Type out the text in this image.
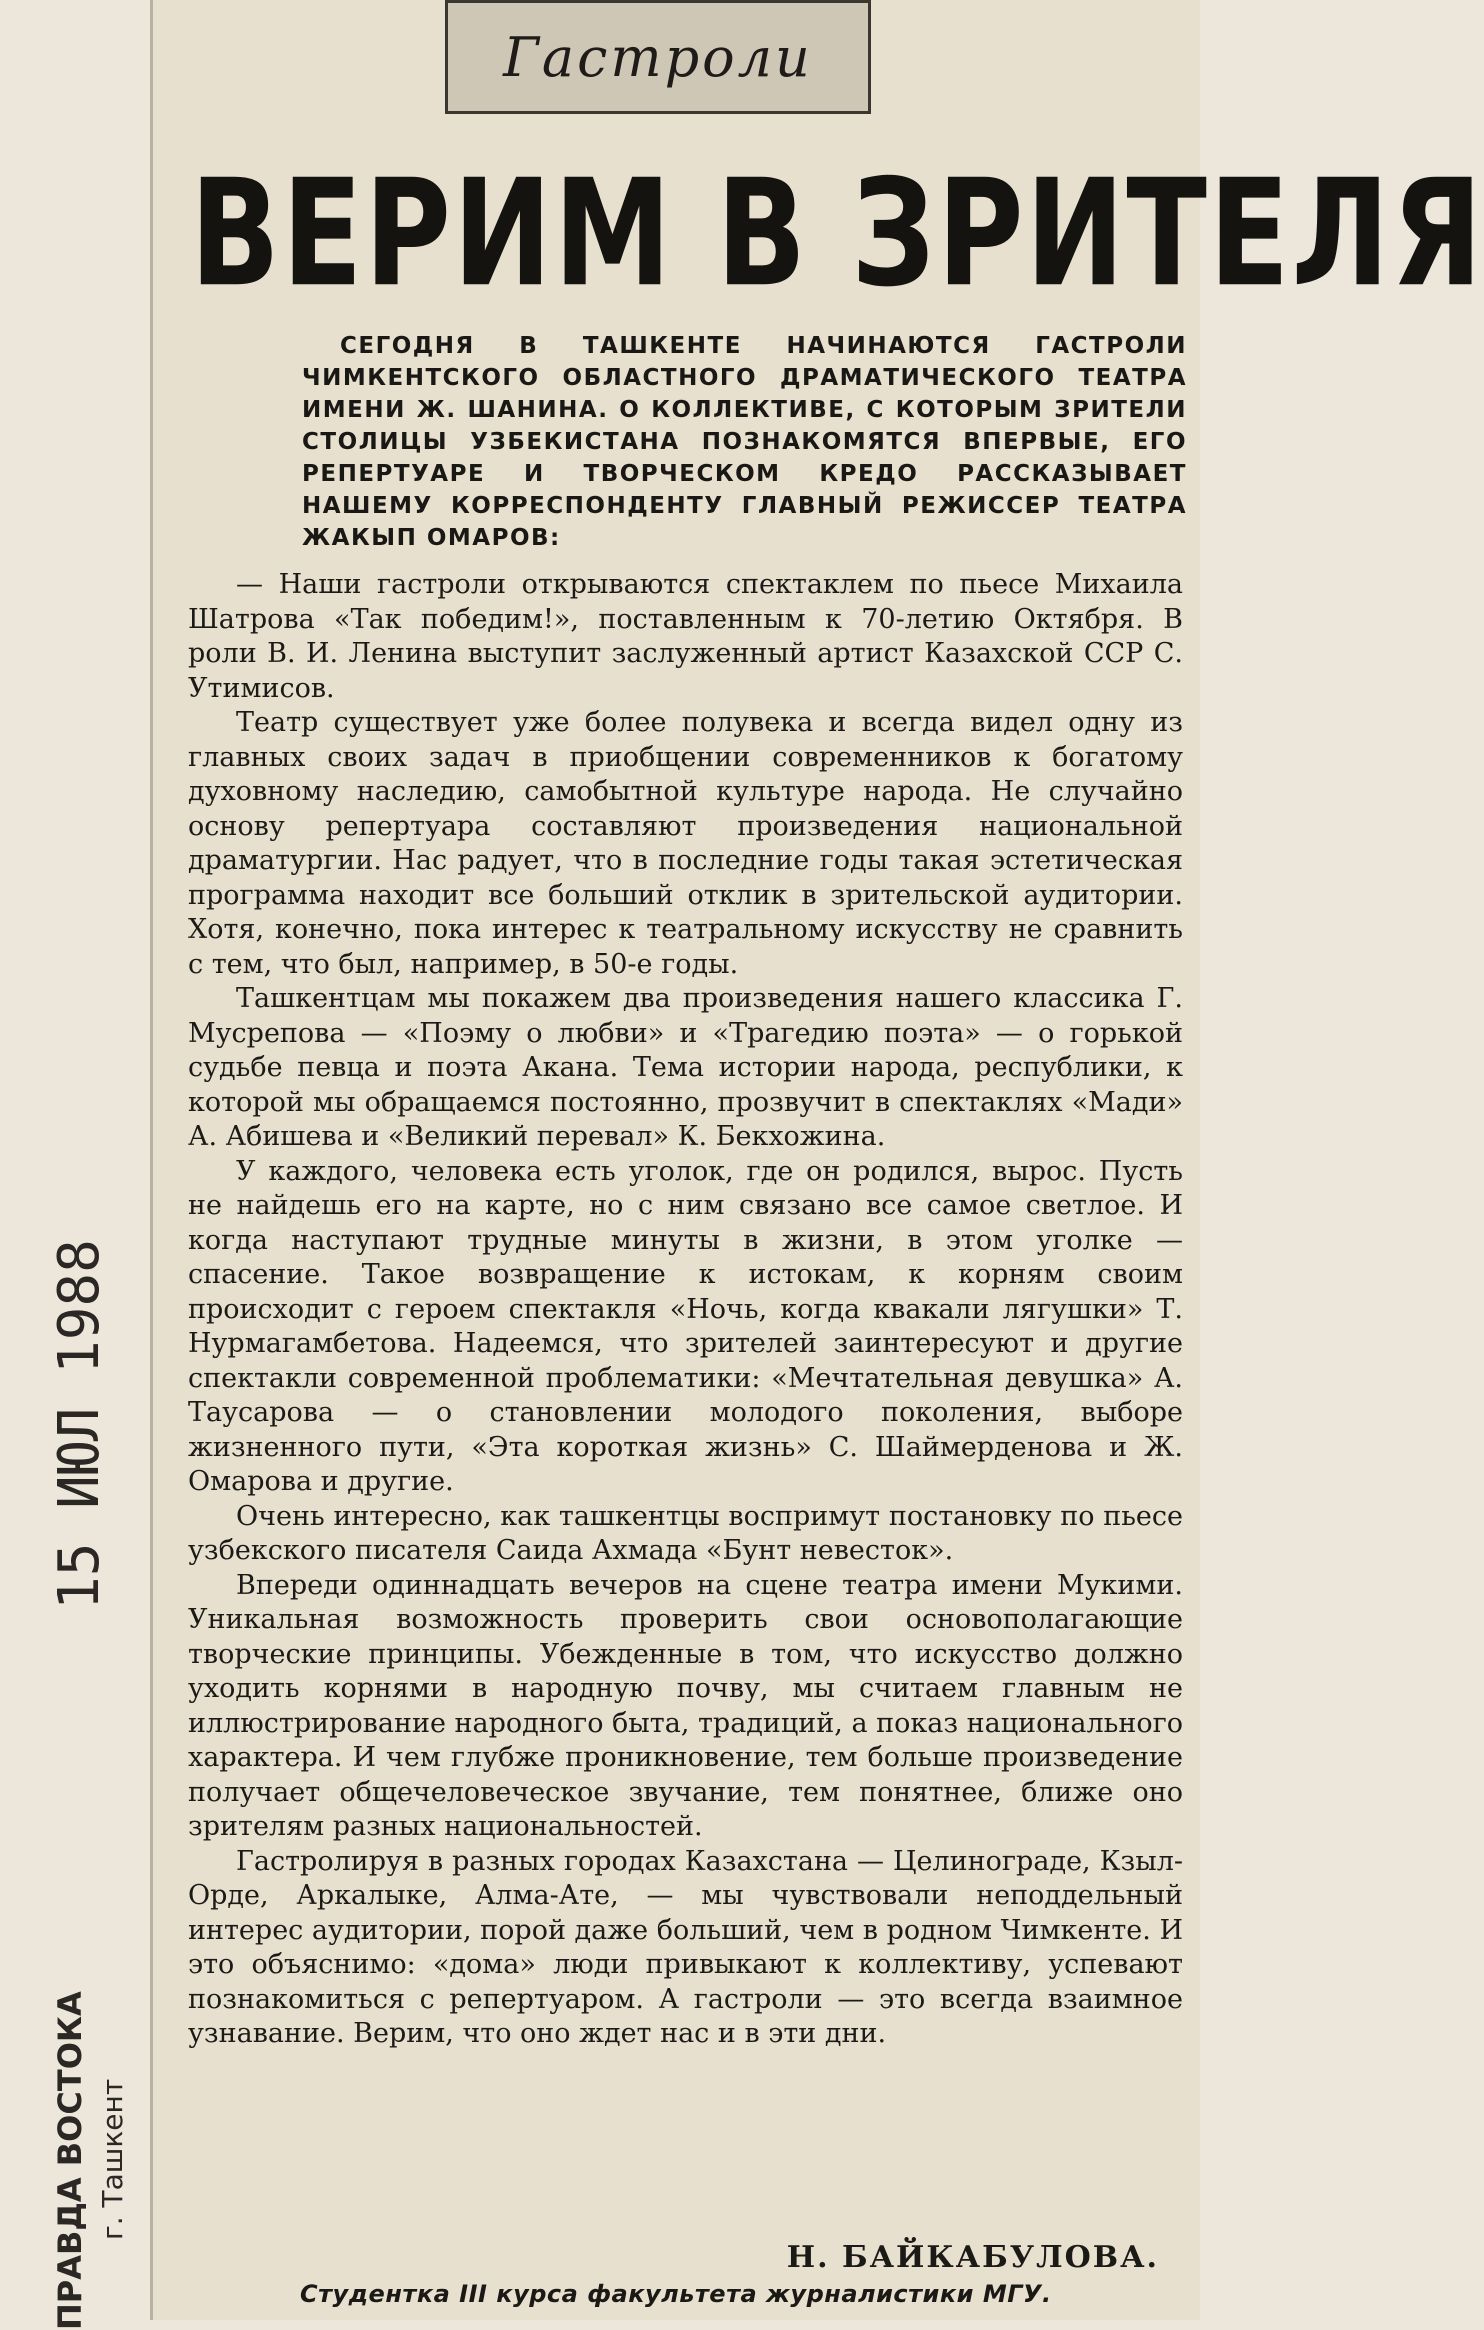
Гастроли
ВЕРИМ В ЗРИТЕЛЯ
СЕГОДНЯ В ТАШКЕНТЕ НАЧИНАЮТСЯ ГАСТРОЛИ ЧИМКЕНТСКОГО ОБЛАСТНОГО ДРАМАТИЧЕСКОГО ТЕАТРА ИМЕНИ Ж. ШАНИНА. О КОЛЛЕКТИВЕ, С КОТОРЫМ ЗРИТЕЛИ СТОЛИЦЫ УЗБЕКИСТАНА ПОЗНАКОМЯТСЯ ВПЕРВЫЕ, ЕГО РЕПЕРТУАРЕ И ТВОРЧЕСКОМ КРЕДО РАССКАЗЫВАЕТ НАШЕМУ КОРРЕСПОНДЕНТУ ГЛАВНЫЙ РЕЖИССЕР ТЕАТРА ЖАКЫП ОМАРОВ:

— Наши гастроли открываются спектаклем по пьесе Михаила Шатрова «Так победим!», поставленным к 70-летию Октября. В роли В. И. Ленина выступит заслуженный артист Казахской ССР С. Утимисов.

Театр существует уже более полувека и всегда видел одну из главных своих задач в приобщении современников к богатому духовному наследию, самобытной культуре народа. Не случайно основу репертуара составляют произведения национальной драматургии. Нас радует, что в последние годы такая эстетическая программа находит все больший отклик в зрительской аудитории. Хотя, конечно, пока интерес к театральному искусству не сравнить с тем, что был, например, в 50-е годы.

Ташкентцам мы покажем два произведения нашего классика Г. Мусрепова — «Поэму о любви» и «Трагедию поэта» — о горькой судьбе певца и поэта Акана. Тема истории народа, республики, к которой мы обращаемся постоянно, прозвучит в спектаклях «Мади» А. Абишева и «Великий перевал» К. Бекхожина.

У каждого, человека есть уголок, где он родился, вырос. Пусть не найдешь его на карте, но с ним связано все самое светлое. И когда наступают трудные минуты в жизни, в этом уголке — спасение. Такое возвращение к истокам, к корням своим происходит с героем спектакля «Ночь, когда квакали лягушки» Т. Нурмагамбетова. Надеемся, что зрителей заинтересуют и другие спектакли современной проблематики: «Мечтательная девушка» А. Таусарова — о становлении молодого поколения, выборе жизненного пути, «Эта короткая жизнь» С. Шаймерденова и Ж. Омарова и другие.

Очень интересно, как ташкентцы воспримут постановку по пьесе узбекского писателя Саида Ахмада «Бунт невесток».

Впереди одиннадцать вечеров на сцене театра имени Мукими. Уникальная возможность проверить свои основополагающие творческие принципы. Убежденные в том, что искусство должно уходить корнями в народную почву, мы считаем главным не иллюстрирование народного быта, традиций, а показ национального характера. И чем глубже проникновение, тем больше произведение получает общечеловеческое звучание, тем понятнее, ближе оно зрителям разных национальностей.

Гастролируя в разных городах Казахстана — Целинограде, Кзыл-Орде, Аркалыке, Алма-Ате, — мы чувствовали неподдельный интерес аудитории, порой даже больший, чем в родном Чимкенте. И это объяснимо: «дома» люди привыкают к коллективу, успевают познакомиться с репертуаром. А гастроли — это всегда взаимное узнавание. Верим, что оно ждет нас и в эти дни.

Н. БАЙКАБУЛОВА.
Студентка III курса факультета журналистики МГУ.
15 ИЮЛ 1988
ПРАВДА ВОСТОКА г. Ташкент
